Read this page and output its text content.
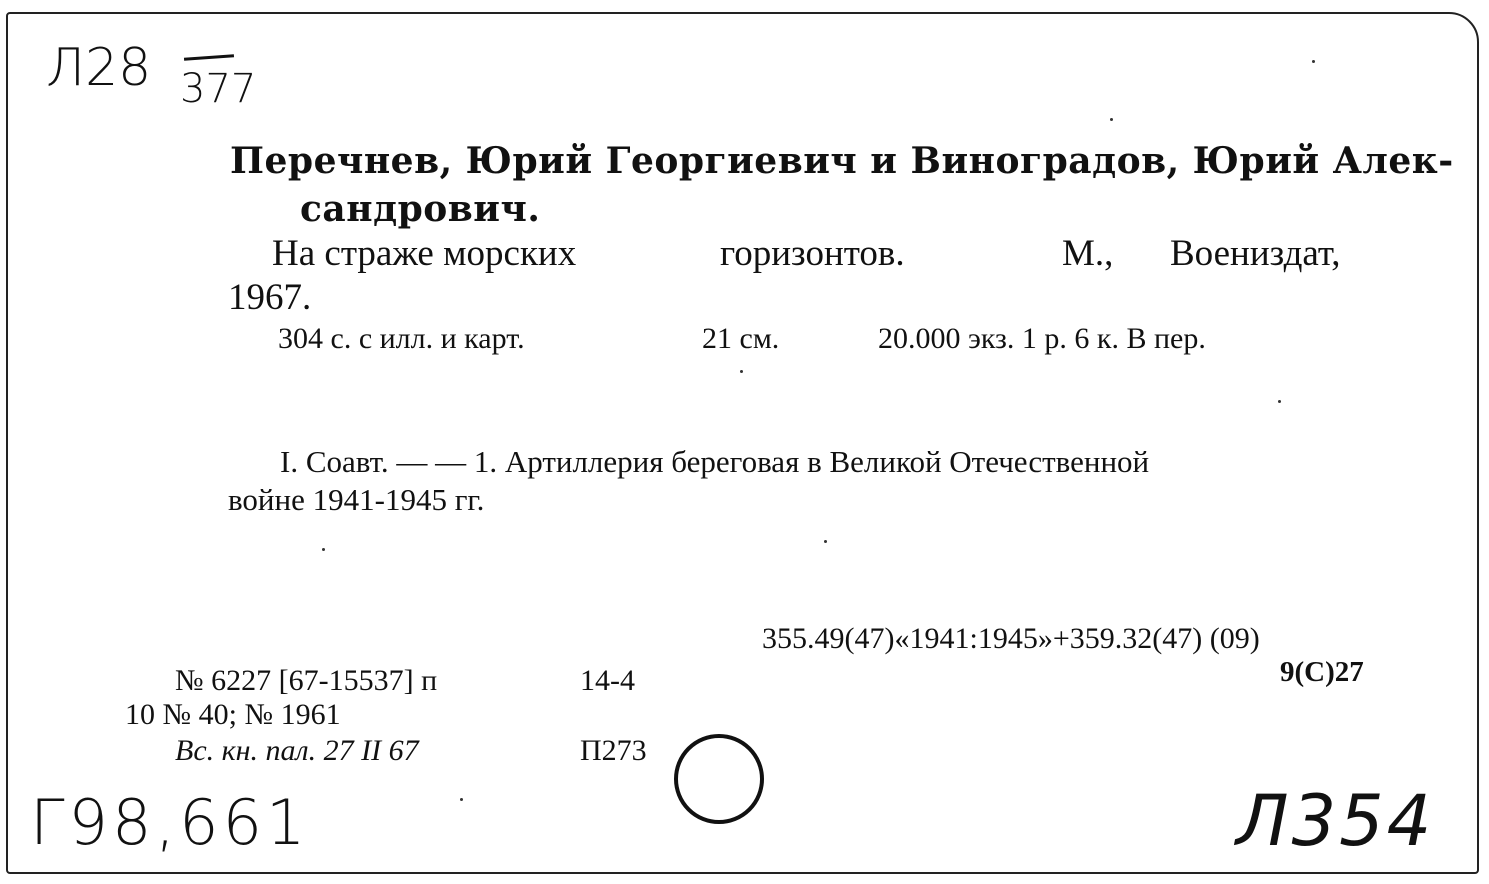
Л28 377
Перечнев, Юрий Георгиевич и Виноградов, Юрий Алек-
сандрович.
На страже морских	горизонтов.	М., Воениздат,
1967.
304 с. с илл. и карт.	21 см.	20.000 экз. 1 р. 6 к. В пер.
I. Соавт. — — 1. Артиллерия береговая в Великой Отечественной
войне 1941-1945 гг.
355.49(47)«1941:1945»+359.32(47) (09)
9(С)27
№ 6227 [67-15537] п	14-4
10 № 40; № 1961
Вс. кн. пал. 27 II 67	П273
Г98,661	Л354
